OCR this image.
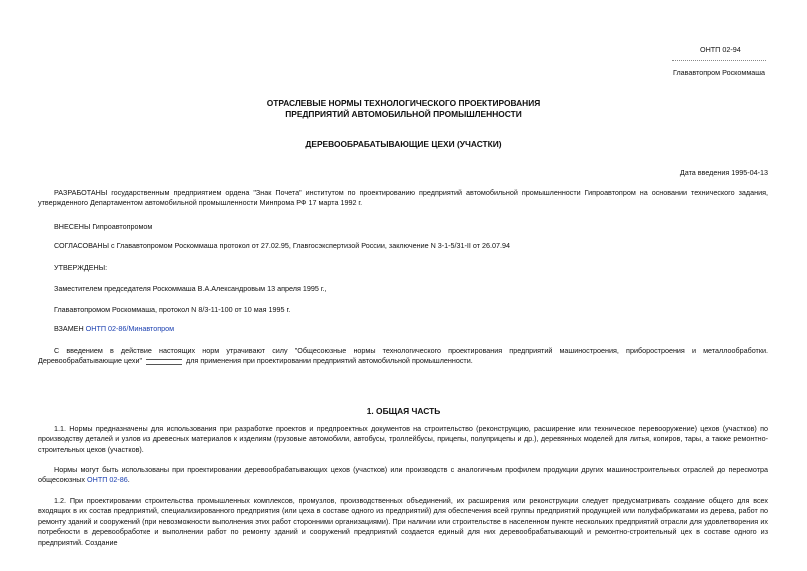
ОНТП 02-94
Глававтопром Роскоммаша
ОТРАСЛЕВЫЕ НОРМЫ ТЕХНОЛОГИЧЕСКОГО ПРОЕКТИРОВАНИЯ
ПРЕДПРИЯТИЙ АВТОМОБИЛЬНОЙ ПРОМЫШЛЕННОСТИ
ДЕРЕВООБРАБАТЫВАЮЩИЕ ЦЕХИ (УЧАСТКИ)
Дата введения 1995-04-13
РАЗРАБОТАНЫ государственным предприятием ордена "Знак Почета" институтом по проектированию предприятий автомобильной промышленности Гипроавтопром на основании технического задания, утвержденного Департаментом автомобильной промышленности Минпрома РФ 17 марта 1992 г.
ВНЕСЕНЫ Гипроавтопромом
СОГЛАСОВАНЫ с Глававтопромом Роскоммаша протокол от 27.02.95, Главгосэкспертизой России, заключение N 3-1-5/31-II от 26.07.94
УТВЕРЖДЕНЫ:
Заместителем председателя Роскоммаша В.А.Александровым 13 апреля 1995 г.,
Глававтопромом Роскоммаша, протокол N 8/3-11-100 от 10 мая 1995 г.
ВЗАМЕН ОНТП 02-86/Минавтопром
С введением в действие настоящих норм утрачивают силу "Общесоюзные нормы технологического проектирования предприятий машиностроения, приборостроения и металлообработки. Деревообрабатывающие цехи"	для применения при проектировании предприятий автомобильной промышленности.
1. ОБЩАЯ ЧАСТЬ
1.1. Нормы предназначены для использования при разработке проектов и предпроектных документов на строительство (реконструкцию, расширение или техническое перевооружение) цехов (участков) по производству деталей и узлов из древесных материалов к изделиям (грузовые автомобили, автобусы, троллейбусы, прицепы, полуприцепы и др.), деревянных моделей для литья, копиров, тары, а также ремонтно-строительных цехов (участков).
Нормы могут быть использованы при проектировании деревообрабатывающих цехов (участков) или производств с аналогичным профилем продукции других машиностроительных отраслей до пересмотра общесоюзных ОНТП 02-86.
1.2. При проектировании строительства промышленных комплексов, промузлов, производственных объединений, их расширения или реконструкции следует предусматривать создание общего для всех входящих в их состав предприятий, специализированного предприятия (или цеха в составе одного из предприятий) для обеспечения всей группы предприятий продукцией или полуфабрикатами из дерева, работ по ремонту зданий и сооружений (при невозможности выполнения этих работ сторонними организациями). При наличии или строительстве в населенном пункте нескольких предприятий отрасли для удовлетворения их потребности в деревообработке и выполнении работ по ремонту зданий и сооружений предприятий создается единый для них деревообрабатывающий и ремонтно-строительный цех в составе одного из предприятий. Создание
